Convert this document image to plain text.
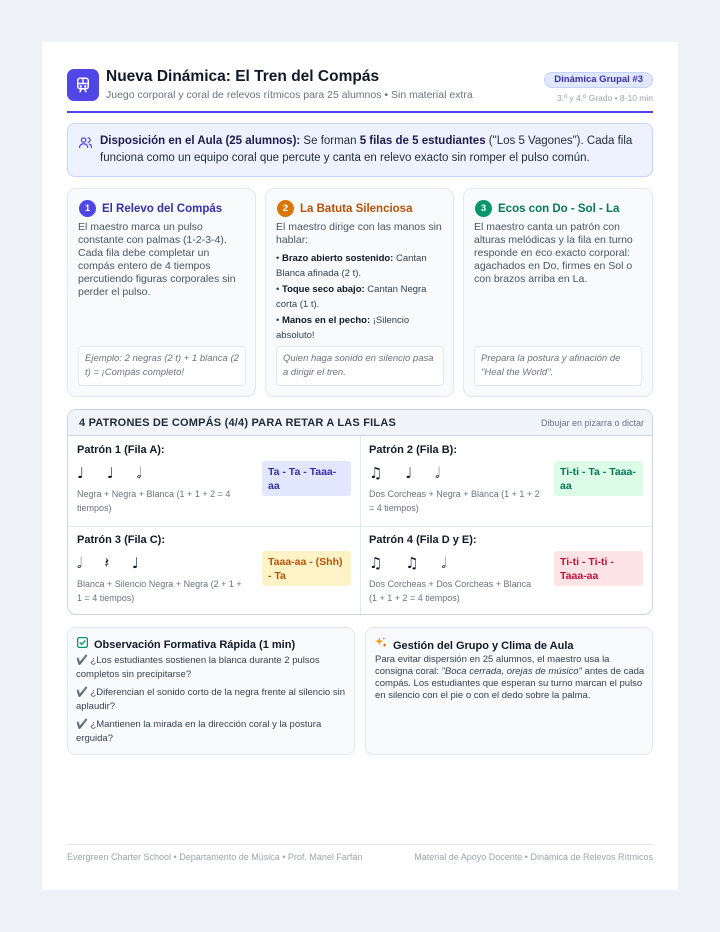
Nueva Dinámica: El Tren del Compás
Juego corporal y coral de relevos rítmicos para 25 alumnos • Sin material extra
Dinámica Grupal #3
3.º y 4.º Grado • 8-10 min
Disposición en el Aula (25 alumnos): Se forman 5 filas de 5 estudiantes ("Los 5 Vagones"). Cada fila funciona como un equipo coral que percute y canta en relevo exacto sin romper el pulso común.
1	El Relevo del Compás
El maestro marca un pulso constante con palmas (1-2-3-4). Cada fila debe completar un compás entero de 4 tiempos percutiendo figuras corporales sin perder el pulso.
Ejemplo: 2 negras (2 t) + 1 blanca (2 t) = ¡Compás completo!
2	La Batuta Silenciosa
El maestro dirige con las manos sin hablar:
• Brazo abierto sostenido: Cantan Blanca afinada (2 t).
• Toque seco abajo: Cantan Negra corta (1 t).
• Manos en el pecho: ¡Silencio absoluto!
Quien haga sonido en silencio pasa a dirigir el tren.
3	Ecos con Do - Sol - La
El maestro canta un patrón con alturas melódicas y la fila en turno responde en eco exacto corporal: agachados en Do, firmes en Sol o con brazos arriba en La.
Prepara la postura y afinación de "Heal the World".
4 PATRONES DE COMPÁS (4/4) PARA RETAR A LAS FILAS	Dibujar en pizarra o dictar
Patrón 1 (Fila A):
♩ ♩ 𝅗𝅥
Negra + Negra + Blanca (1 + 1 + 2 = 4 tiempos)
Ta - Ta - Taaa-aa
Patrón 2 (Fila B):
♫ ♩ 𝅗𝅥
Dos Corcheas + Negra + Blanca (1 + 1 + 2 = 4 tiempos)
Ti-ti - Ta - Taaa-aa
Patrón 3 (Fila C):
𝅗𝅥 𝄽 ♩
Blanca + Silencio Negra + Negra (2 + 1 + 1 = 4 tiempos)
Taaa-aa - (Shh) - Ta
Patrón 4 (Fila D y E):
♫ ♫ 𝅗𝅥
Dos Corcheas + Dos Corcheas + Blanca (1 + 1 + 2 = 4 tiempos)
Ti-ti - Ti-ti - Taaa-aa
Observación Formativa Rápida (1 min)
✔️ ¿Los estudiantes sostienen la blanca durante 2 pulsos completos sin precipitarse?
✔️ ¿Diferencian el sonido corto de la negra frente al silencio sin aplaudir?
✔️ ¿Mantienen la mirada en la dirección coral y la postura erguida?
Gestión del Grupo y Clima de Aula
Para evitar dispersión en 25 alumnos, el maestro usa la consigna coral: "Boca cerrada, orejas de músico" antes de cada compás. Los estudiantes que esperan su turno marcan el pulso en silencio con el pie o con el dedo sobre la palma.
Evergreen Charter School • Departamento de Música • Prof. Manel Farfán	Material de Apoyo Docente • Dinámica de Relevos Rítmicos
